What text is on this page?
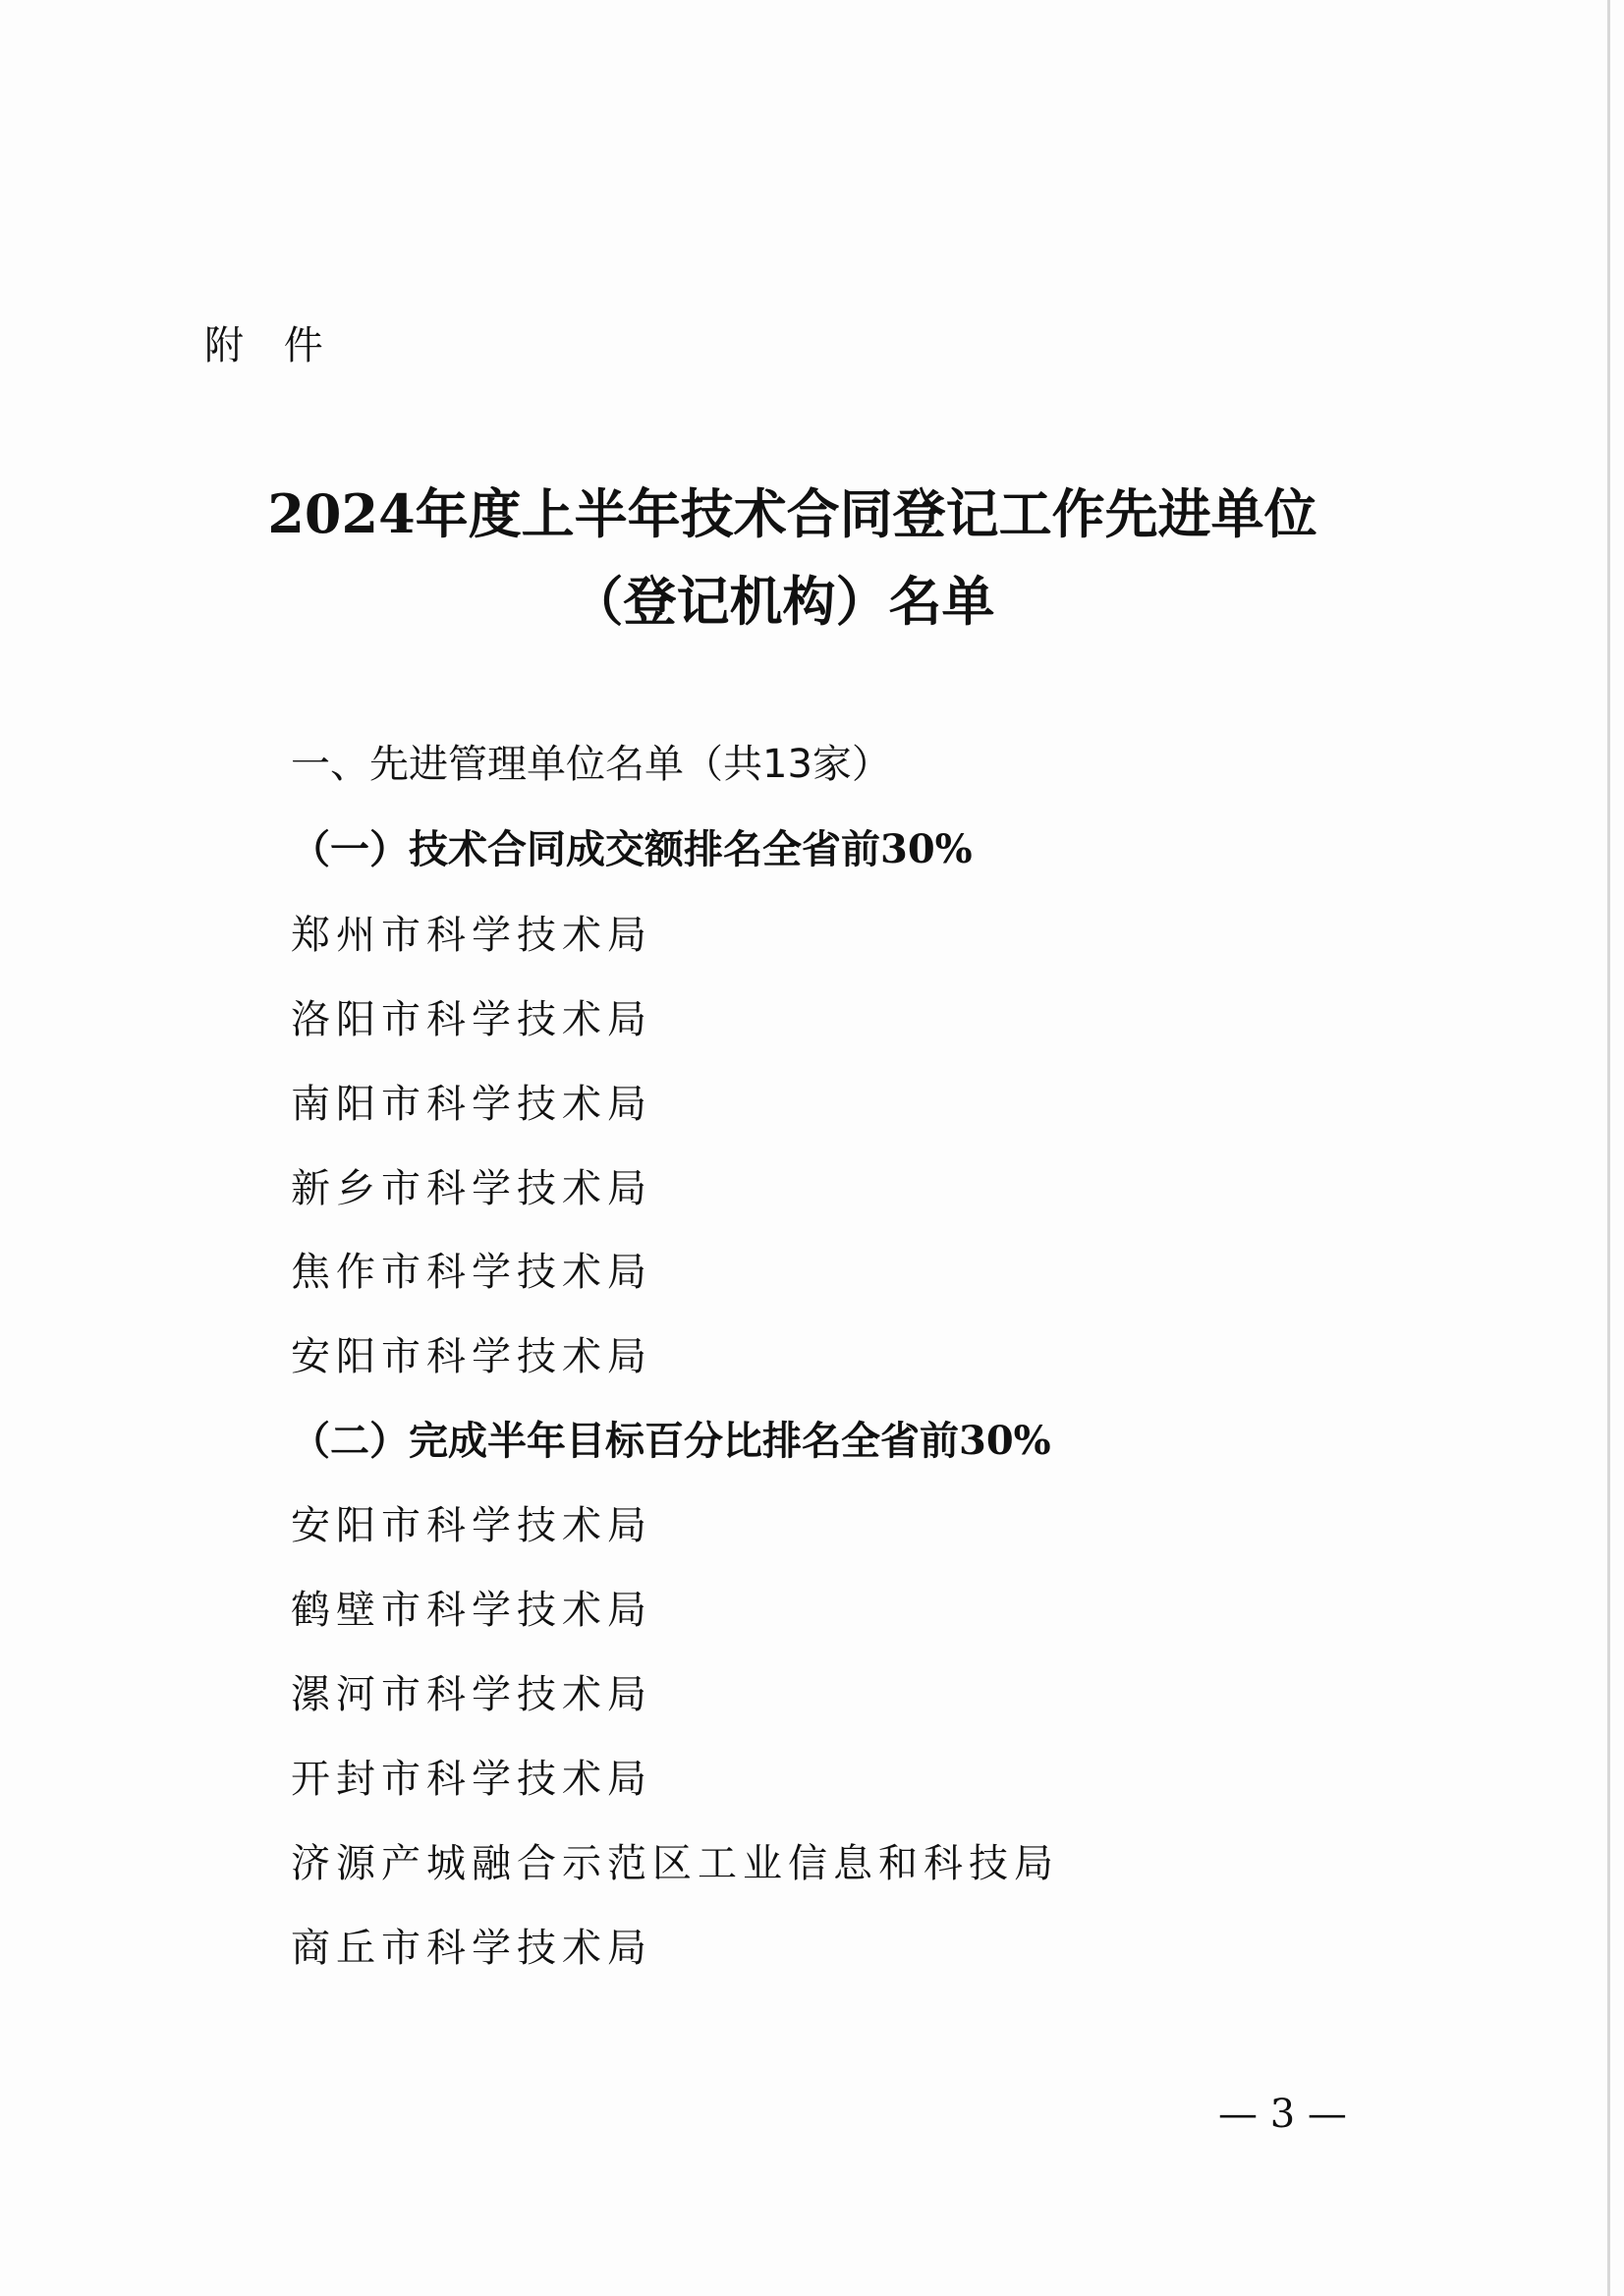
附 件
2024年度上半年技术合同登记工作先进单位
（登记机构）名单
一、先进管理单位名单（共13家）
（一）技术合同成交额排名全省前30%
郑州市科学技术局
洛阳市科学技术局
南阳市科学技术局
新乡市科学技术局
焦作市科学技术局
安阳市科学技术局
（二）完成半年目标百分比排名全省前30%
安阳市科学技术局
鹤壁市科学技术局
漯河市科学技术局
开封市科学技术局
济源产城融合示范区工业信息和科技局
商丘市科学技术局
— 3 —
